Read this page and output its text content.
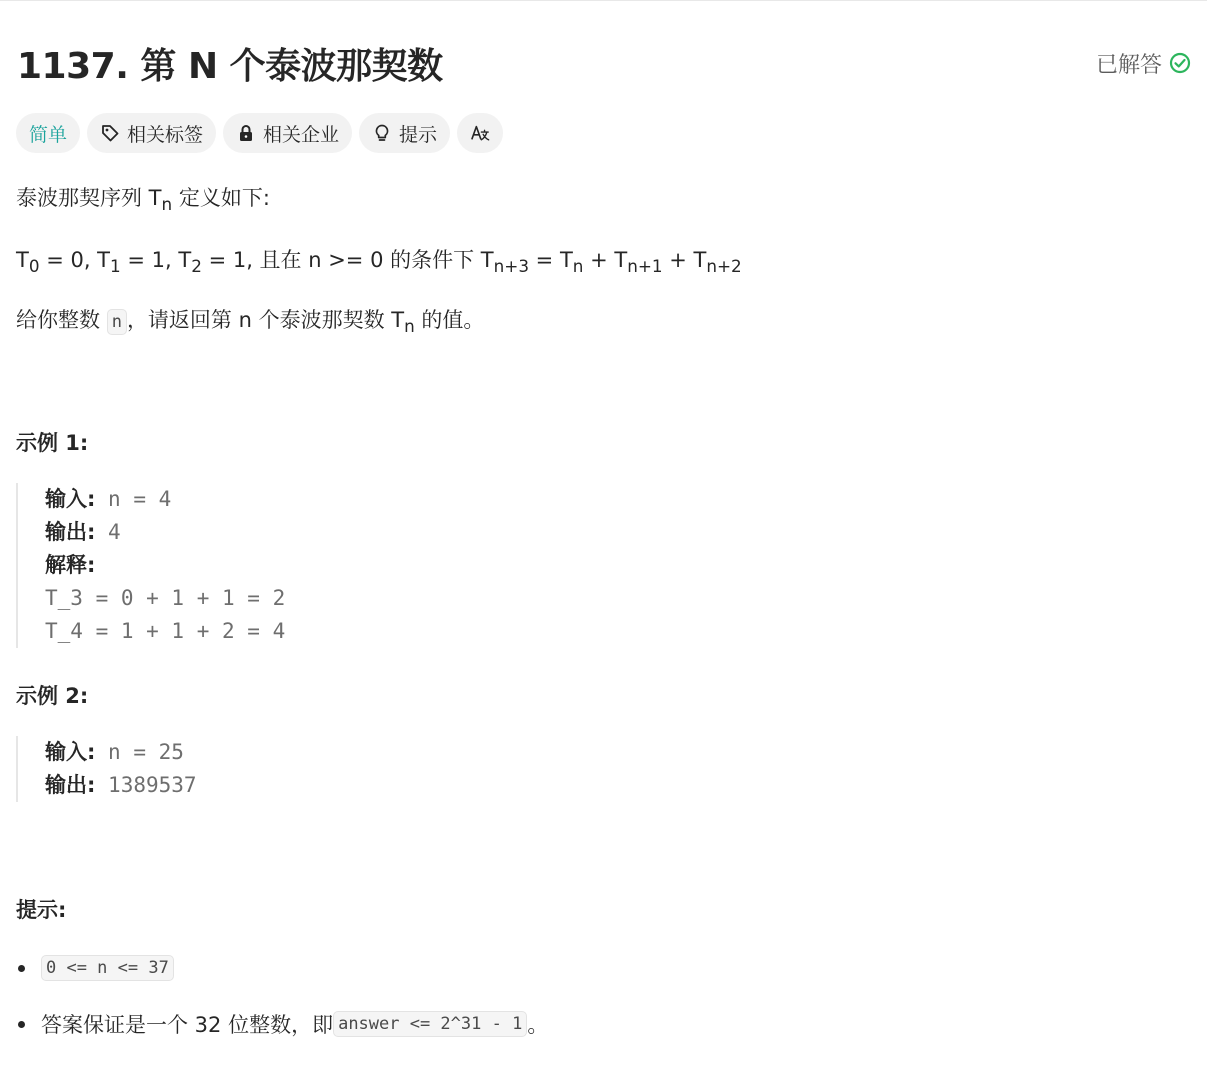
1137. 第 N 个泰波那契数	已解答
简单	相关标签	相关企业	提示
泰波那契序列 $T_n$ 定义如下:
$T_0 = 0$, $T_1 = 1$, $T_2 = 1$, 且在 n >= 0 的条件下 $T_{n+3} = T_n + T_{n+1} + T_{n+2}$
给你整数 n ，请返回第 n 个泰波那契数 $T_n$ 的值。
示例 1:
输入: n = 4
输出: 4
解释:
T_3 = 0 + 1 + 1 = 2
T_4 = 1 + 1 + 2 = 4
示例 2:
输入: n = 25
输出: 1389537
提示:
0 <= n <= 37
答案保证是一个 32 位整数，即 answer <= 2^31 - 1 。
